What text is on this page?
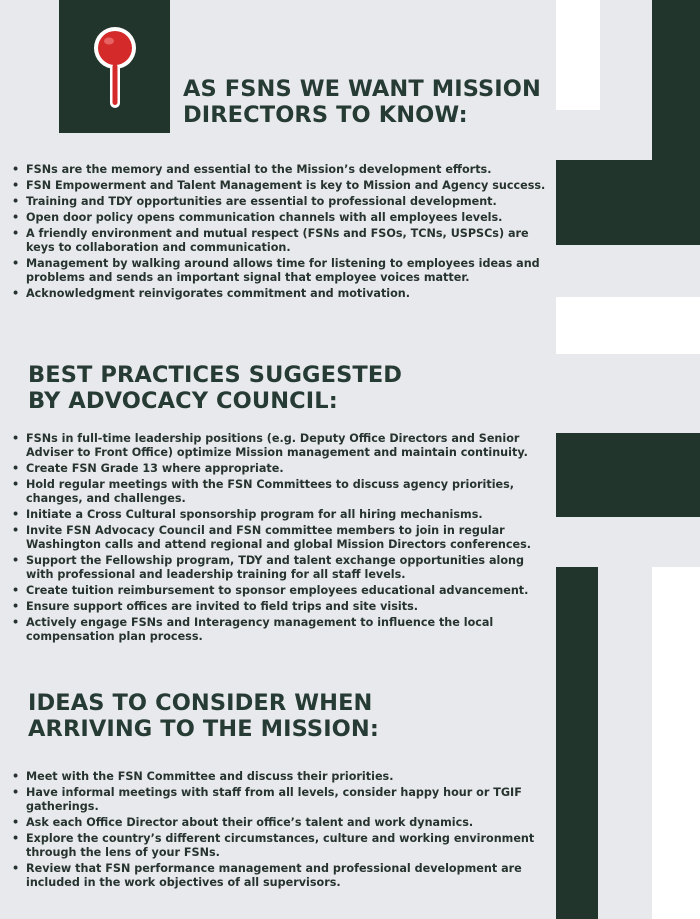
AS FSNS WE WANT MISSION
DIRECTORS TO KNOW:
• FSNs are the memory and essential to the Mission’s development efforts.
• FSN Empowerment and Talent Management is key to Mission and Agency success.
• Training and TDY opportunities are essential to professional development.
• Open door policy opens communication channels with all employees levels.
• A friendly environment and mutual respect (FSNs and FSOs, TCNs, USPSCs) are keys to collaboration and communication.
• Management by walking around allows time for listening to employees ideas and problems and sends an important signal that employee voices matter.
• Acknowledgment reinvigorates commitment and motivation.
BEST PRACTICES SUGGESTED
BY ADVOCACY COUNCIL:
• FSNs in full-time leadership positions (e.g. Deputy Office Directors and Senior Adviser to Front Office) optimize Mission management and maintain continuity.
• Create FSN Grade 13 where appropriate.
• Hold regular meetings with the FSN Committees to discuss agency priorities, changes, and challenges.
• Initiate a Cross Cultural sponsorship program for all hiring mechanisms.
• Invite FSN Advocacy Council and FSN committee members to join in regular Washington calls and attend regional and global Mission Directors conferences.
• Support the Fellowship program, TDY and talent exchange opportunities along with professional and leadership training for all staff levels.
• Create tuition reimbursement to sponsor employees educational advancement.
• Ensure support offices are invited to field trips and site visits.
• Actively engage FSNs and Interagency management to influence the local compensation plan process.
IDEAS TO CONSIDER WHEN
ARRIVING TO THE MISSION:
• Meet with the FSN Committee and discuss their priorities.
• Have informal meetings with staff from all levels, consider happy hour or TGIF gatherings.
• Ask each Office Director about their office’s talent and work dynamics.
• Explore the country’s different circumstances, culture and working environment through the lens of your FSNs.
• Review that FSN performance management and professional development are included in the work objectives of all supervisors.
